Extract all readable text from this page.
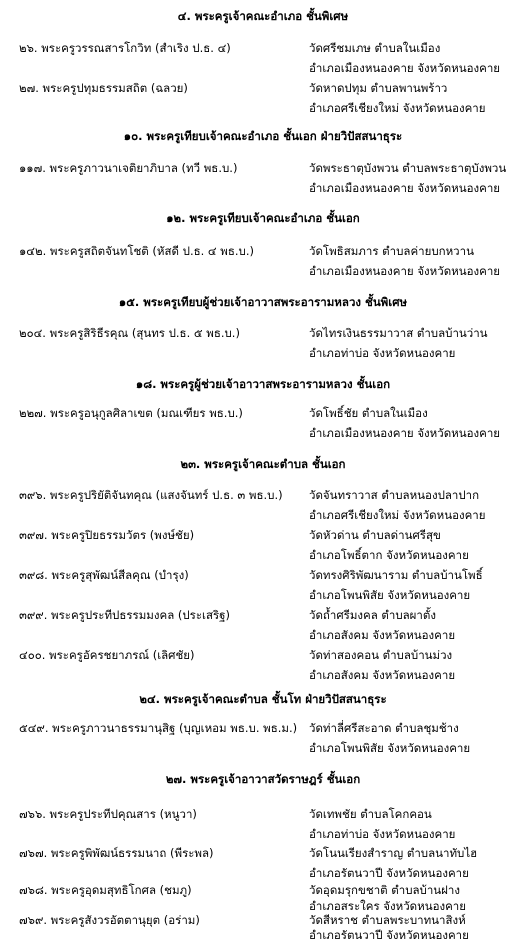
๔. พระครูเจ้าคณะอำเภอ ชั้นพิเศษ
๒๖. พระครูวรรณสารโกวิท (สำเริง ป.ธ. ๔)	วัดศรีชมเภษ ตำบลในเมือง
อำเภอเมืองหนองคาย จังหวัดหนองคาย
๒๗. พระครูปทุมธรรมสถิต (ฉลวย)	วัดหาดปทุม ตำบลพานพร้าว
อำเภอศรีเชียงใหม่ จังหวัดหนองคาย
๑๐. พระครูเทียบเจ้าคณะอำเภอ ชั้นเอก ฝ่ายวิปัสสนาธุระ
๑๑๗. พระครูภาวนาเจติยาภิบาล (ทวี พธ.บ.)	วัดพระธาตุบังพวน ตำบลพระธาตุบังพวน
อำเภอเมืองหนองคาย จังหวัดหนองคาย
๑๒. พระครูเทียบเจ้าคณะอำเภอ ชั้นเอก
๑๔๒. พระครูสถิตจันทโชติ (หัสดี ป.ธ. ๔ พธ.บ.)	วัดโพธิสมภาร ตำบลค่ายบกหวาน
อำเภอเมืองหนองคาย จังหวัดหนองคาย
๑๕. พระครูเทียบผู้ช่วยเจ้าอาวาสพระอารามหลวง ชั้นพิเศษ
๒๐๔. พระครูสิริธีรคุณ (สุนทร ป.ธ. ๕ พธ.บ.)	วัดไทรเงินธรรมาวาส ตำบลบ้านว่าน
อำเภอท่าบ่อ จังหวัดหนองคาย
๑๘. พระครูผู้ช่วยเจ้าอาวาสพระอารามหลวง ชั้นเอก
๒๒๗. พระครูอนุกูลศิลาเขต (มณเฑียร พธ.บ.)	วัดโพธิ์ชัย ตำบลในเมือง
อำเภอเมืองหนองคาย จังหวัดหนองคาย
๒๓. พระครูเจ้าคณะตำบล ชั้นเอก
๓๙๖. พระครูปริยัติจันทคุณ (แสงจันทร์ ป.ธ. ๓ พธ.บ.) วัดจันทราวาส ตำบลหนองปลาปาก
อำเภอศรีเชียงใหม่ จังหวัดหนองคาย
๓๙๗. พระครูปิยธรรมวัตร (พงษ์ชัย)	วัดหัวด่าน ตำบลด่านศรีสุข
อำเภอโพธิ์ตาก จังหวัดหนองคาย
๓๙๘. พระครูสุพัฒน์สีลคุณ (บำรุง)	วัดทรงศิริพัฒนาราม ตำบลบ้านโพธิ์
อำเภอโพนพิสัย จังหวัดหนองคาย
๓๙๙. พระครูประทีปธรรมมงคล (ประเสริฐ)	วัดถ้ำศรีมงคล ตำบลผาตั้ง
อำเภอสังคม จังหวัดหนองคาย
๔๐๐. พระครูอัครชยาภรณ์ (เลิศชัย)	วัดท่าสองคอน ตำบลบ้านม่วง
อำเภอสังคม จังหวัดหนองคาย
๒๔. พระครูเจ้าคณะตำบล ชั้นโท ฝ่ายวิปัสสนาธุระ
๕๔๙. พระครูภาวนาธรรมานุสิฐ (บุญเหอม พธ.บ. พธ.ม.) วัดท่าลี่ศรีสะอาด ตำบลชุมช้าง
อำเภอโพนพิสัย จังหวัดหนองคาย
๒๗. พระครูเจ้าอาวาสวัดราษฎร์ ชั้นเอก
๗๖๖. พระครูประทีปคุณสาร (หนูวา)	วัดเทพชัย ตำบลโคกคอน
อำเภอท่าบ่อ จังหวัดหนองคาย
๗๖๗. พระครูพิพัฒน์ธรรมนาถ (พีระพล)	วัดโนนเรียงสำราญ ตำบลนาทับไฮ
อำเภอรัตนวาปี จังหวัดหนองคาย
๗๖๘. พระครูอุดมสุทธิโกศล (ชมภู)	วัดอุดมรุกขชาติ ตำบลบ้านฝาง
อำเภอสระใคร จังหวัดหนองคาย
๗๖๙. พระครูสังวรอัตตานุยุต (อร่าม)	วัดสีหราช ตำบลพระบาทนาสิงห์
อำเภอรัตนวาปี จังหวัดหนองคาย
